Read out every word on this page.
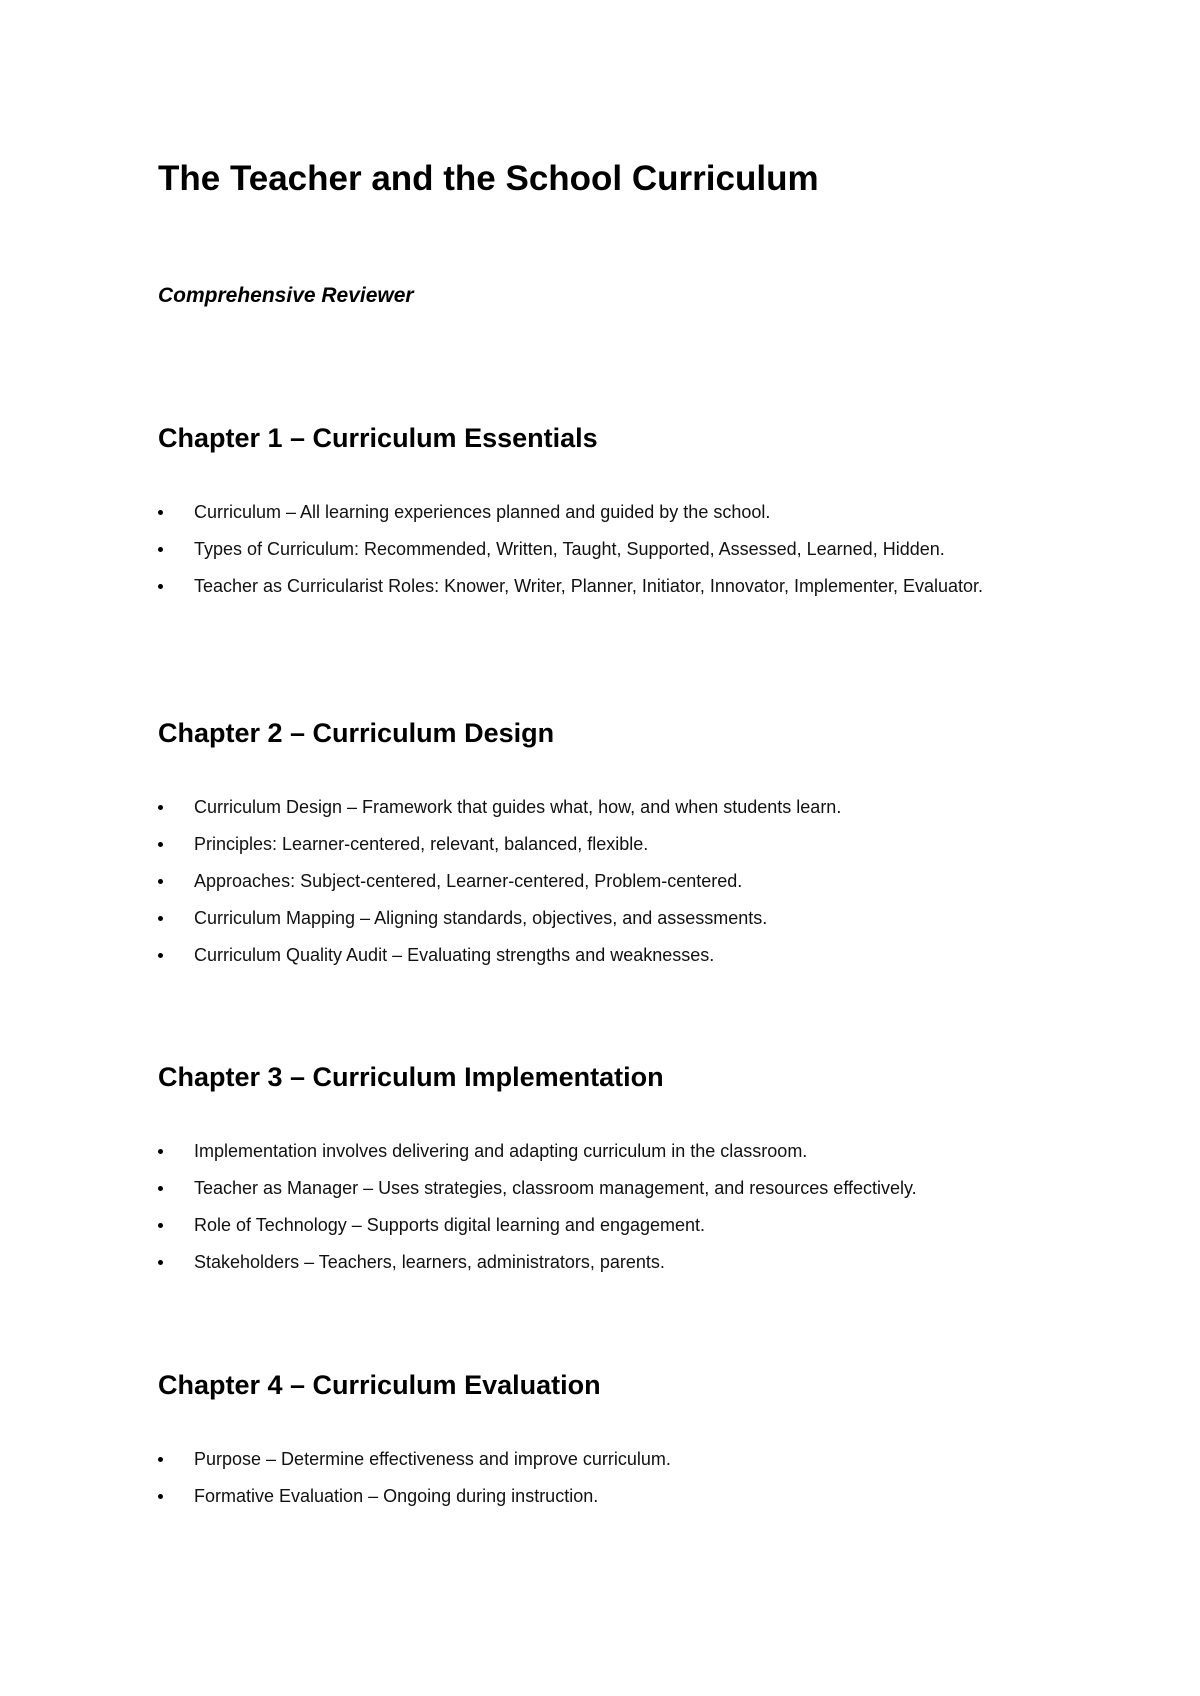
The Teacher and the School Curriculum
Comprehensive Reviewer
Chapter 1 – Curriculum Essentials
Curriculum – All learning experiences planned and guided by the school.
Types of Curriculum: Recommended, Written, Taught, Supported, Assessed, Learned, Hidden.
Teacher as Curricularist Roles: Knower, Writer, Planner, Initiator, Innovator, Implementer, Evaluator.
Chapter 2 – Curriculum Design
Curriculum Design – Framework that guides what, how, and when students learn.
Principles: Learner-centered, relevant, balanced, flexible.
Approaches: Subject-centered, Learner-centered, Problem-centered.
Curriculum Mapping – Aligning standards, objectives, and assessments.
Curriculum Quality Audit – Evaluating strengths and weaknesses.
Chapter 3 – Curriculum Implementation
Implementation involves delivering and adapting curriculum in the classroom.
Teacher as Manager – Uses strategies, classroom management, and resources effectively.
Role of Technology – Supports digital learning and engagement.
Stakeholders – Teachers, learners, administrators, parents.
Chapter 4 – Curriculum Evaluation
Purpose – Determine effectiveness and improve curriculum.
Formative Evaluation – Ongoing during instruction.
